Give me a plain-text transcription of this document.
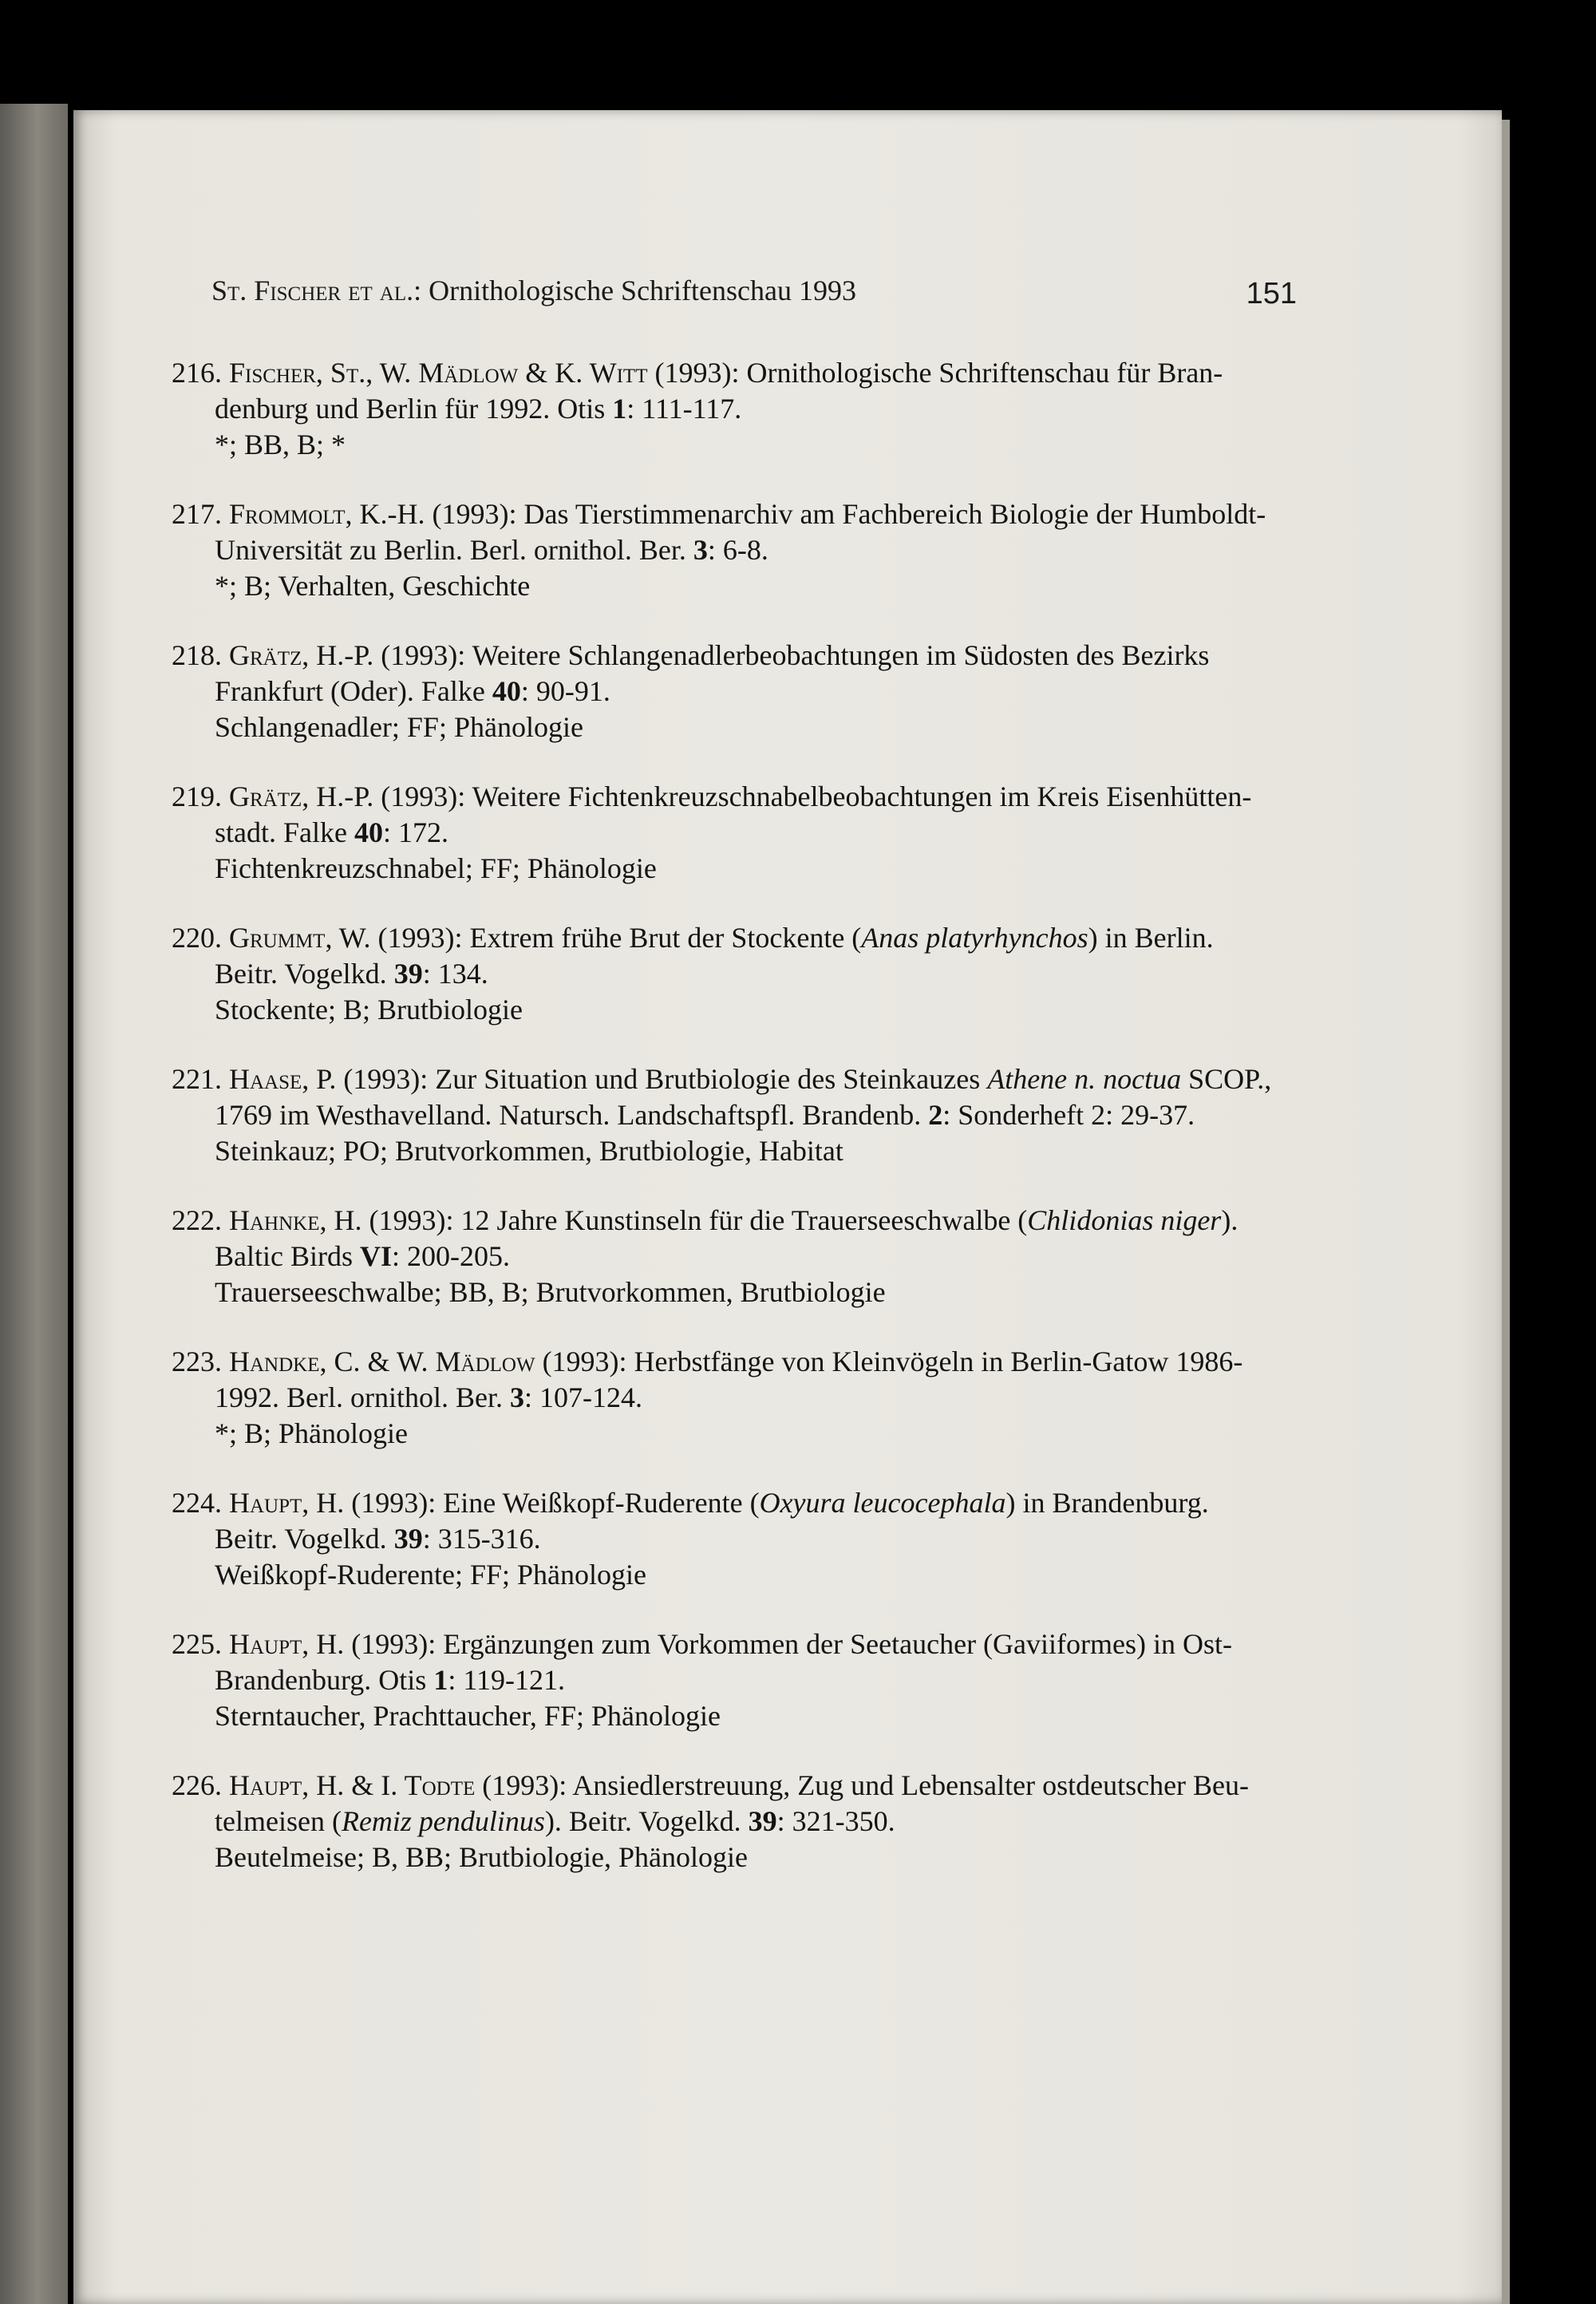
St. Fischer et al.: Ornithologische Schriftenschau 1993	151
216. Fischer, St., W. Mädlow & K. Witt (1993): Ornithologische Schriftenschau für Bran-
denburg und Berlin für 1992. Otis 1: 111-117.
*; BB, B; *
217. Frommolt, K.-H. (1993): Das Tierstimmenarchiv am Fachbereich Biologie der Humboldt-
Universität zu Berlin. Berl. ornithol. Ber. 3: 6-8.
*; B; Verhalten, Geschichte
218. Grätz, H.-P. (1993): Weitere Schlangenadlerbeobachtungen im Südosten des Bezirks
Frankfurt (Oder). Falke 40: 90-91.
Schlangenadler; FF; Phänologie
219. Grätz, H.-P. (1993): Weitere Fichtenkreuzschnabelbeobachtungen im Kreis Eisenhütten-
stadt. Falke 40: 172.
Fichtenkreuzschnabel; FF; Phänologie
220. Grummt, W. (1993): Extrem frühe Brut der Stockente (Anas platyrhynchos) in Berlin.
Beitr. Vogelkd. 39: 134.
Stockente; B; Brutbiologie
221. Haase, P. (1993): Zur Situation und Brutbiologie des Steinkauzes Athene n. noctua SCOP.,
1769 im Westhavelland. Natursch. Landschaftspfl. Brandenb. 2: Sonderheft 2: 29-37.
Steinkauz; PO; Brutvorkommen, Brutbiologie, Habitat
222. Hahnke, H. (1993): 12 Jahre Kunstinseln für die Trauerseeschwalbe (Chlidonias niger).
Baltic Birds VI: 200-205.
Trauerseeschwalbe; BB, B; Brutvorkommen, Brutbiologie
223. Handke, C. & W. Mädlow (1993): Herbstfänge von Kleinvögeln in Berlin-Gatow 1986-
1992. Berl. ornithol. Ber. 3: 107-124.
*; B; Phänologie
224. Haupt, H. (1993): Eine Weißkopf-Ruderente (Oxyura leucocephala) in Brandenburg.
Beitr. Vogelkd. 39: 315-316.
Weißkopf-Ruderente; FF; Phänologie
225. Haupt, H. (1993): Ergänzungen zum Vorkommen der Seetaucher (Gaviiformes) in Ost-
Brandenburg. Otis 1: 119-121.
Sterntaucher, Prachttaucher, FF; Phänologie
226. Haupt, H. & I. Todte (1993): Ansiedlerstreuung, Zug und Lebensalter ostdeutscher Beu-
telmeisen (Remiz pendulinus). Beitr. Vogelkd. 39: 321-350.
Beutelmeise; B, BB; Brutbiologie, Phänologie
